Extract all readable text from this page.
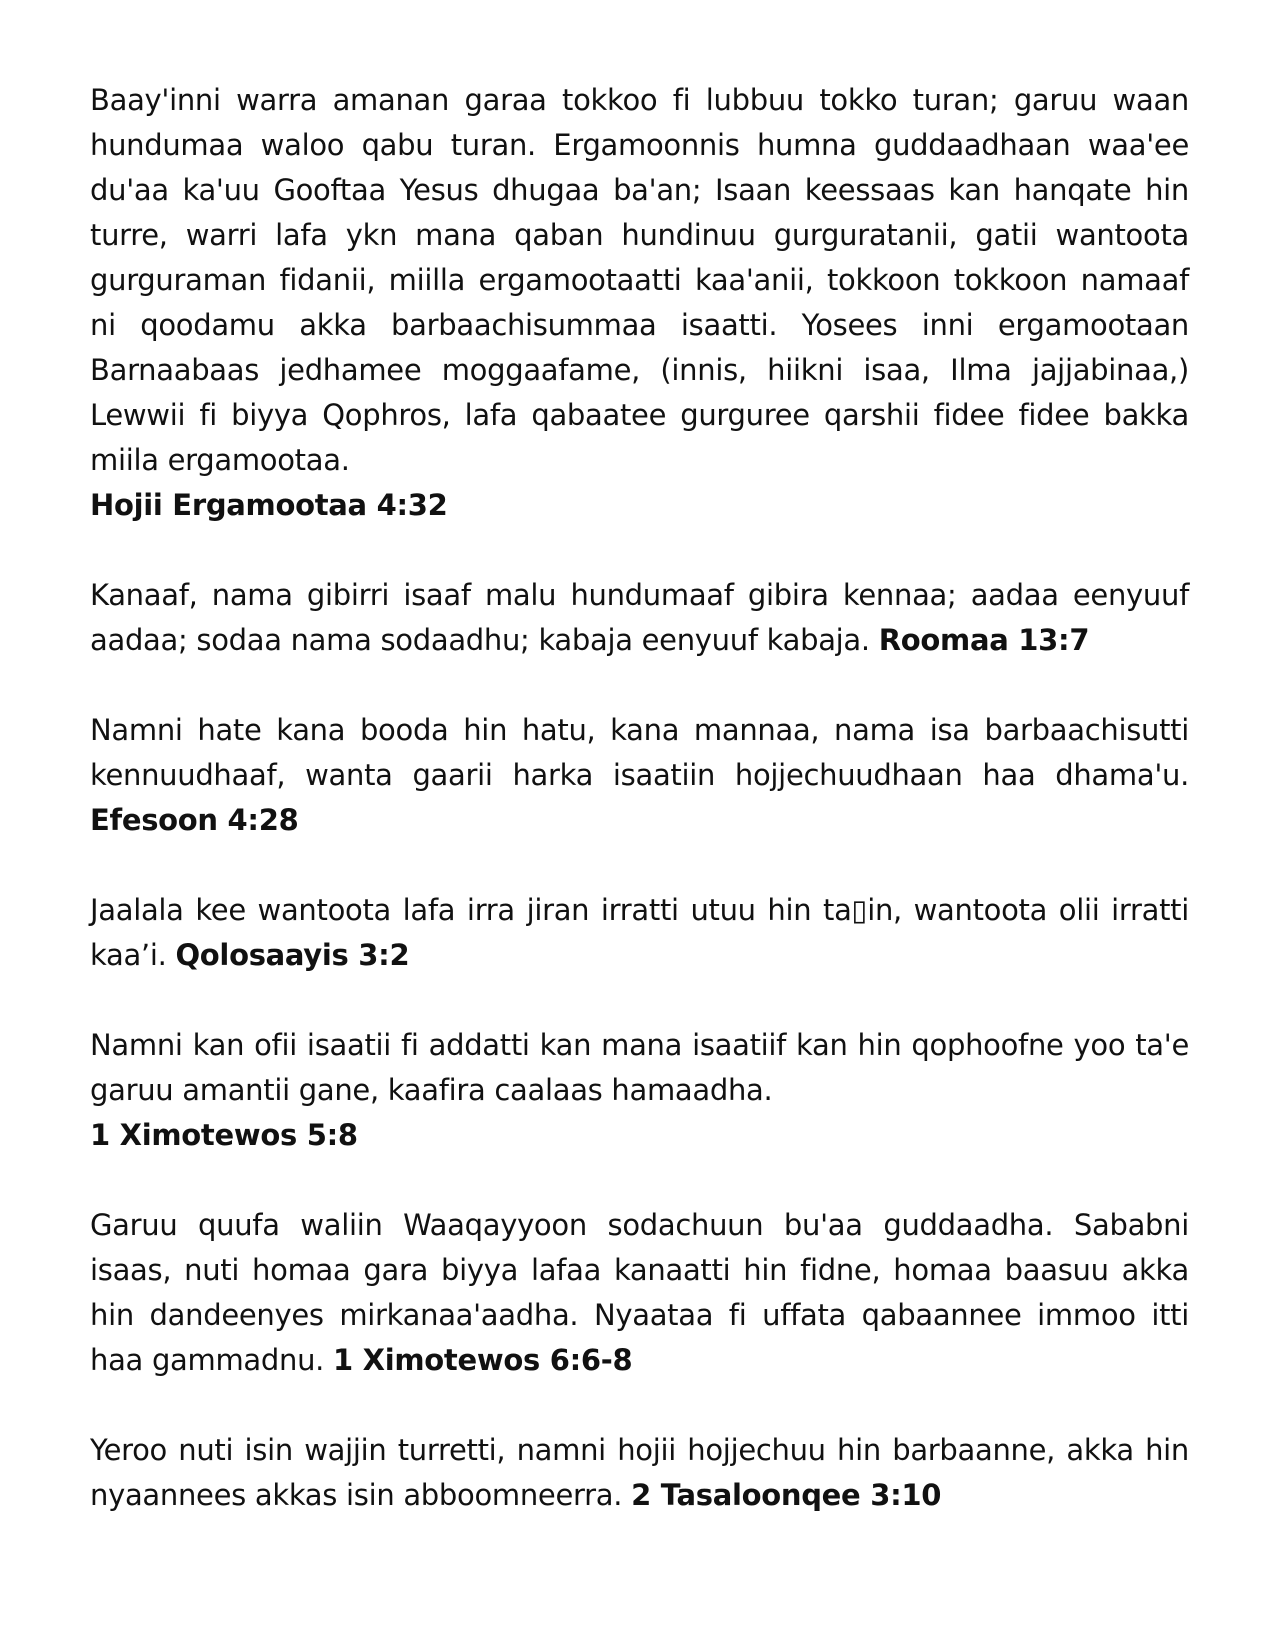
Baay'inni warra amanan garaa tokkoo fi lubbuu tokko turan; garuu waan hundumaa waloo qabu turan. Ergamoonnis humna guddaadhaan waa'ee du'aa ka'uu Gooftaa Yesus dhugaa ba'an; Isaan keessaas kan hanqate hin turre, warri lafa ykn mana qaban hundinuu gurguratanii, gatii wantoota gurguraman fidanii, miilla ergamootaatti kaa'anii, tokkoon tokkoon namaaf ni qoodamu akka barbaachisummaa isaatti. Yosees inni ergamootaan Barnaabaas jedhamee moggaafame, (innis, hiikni isaa, Ilma jajjabinaa,) Lewwii fi biyya Qophros, lafa qabaatee gurguree qarshii fidee fidee bakka miila ergamootaa.
Hojii Ergamootaa 4:32

Kanaaf, nama gibirri isaaf malu hundumaaf gibira kennaa; aadaa eenyuuf aadaa; sodaa nama sodaadhu; kabaja eenyuuf kabaja. Roomaa 13:7

Namni hate kana booda hin hatu, kana mannaa, nama isa barbaachisutti kennuudhaaf, wanta gaarii harka isaatiin hojjechuudhaan haa dhama'u. Efesoon 4:28

Jaalala kee wantoota lafa irra jiran irratti utuu hin ta▯in, wantoota olii irratti kaa’i. Qolosaayis 3:2

Namni kan ofii isaatii fi addatti kan mana isaatiif kan hin qophoofne yoo ta'e garuu amantii gane, kaafira caalaas hamaadha.
1 Ximotewos 5:8

Garuu quufa waliin Waaqayyoon sodachuun bu'aa guddaadha. Sababni isaas, nuti homaa gara biyya lafaa kanaatti hin fidne, homaa baasuu akka hin dandeenyes mirkanaa'aadha. Nyaataa fi uffata qabaannee immoo itti haa gammadnu. 1 Ximotewos 6:6-8

Yeroo nuti isin wajjin turretti, namni hojii hojjechuu hin barbaanne, akka hin nyaannees akkas isin abboomneerra. 2 Tasaloonqee 3:10
